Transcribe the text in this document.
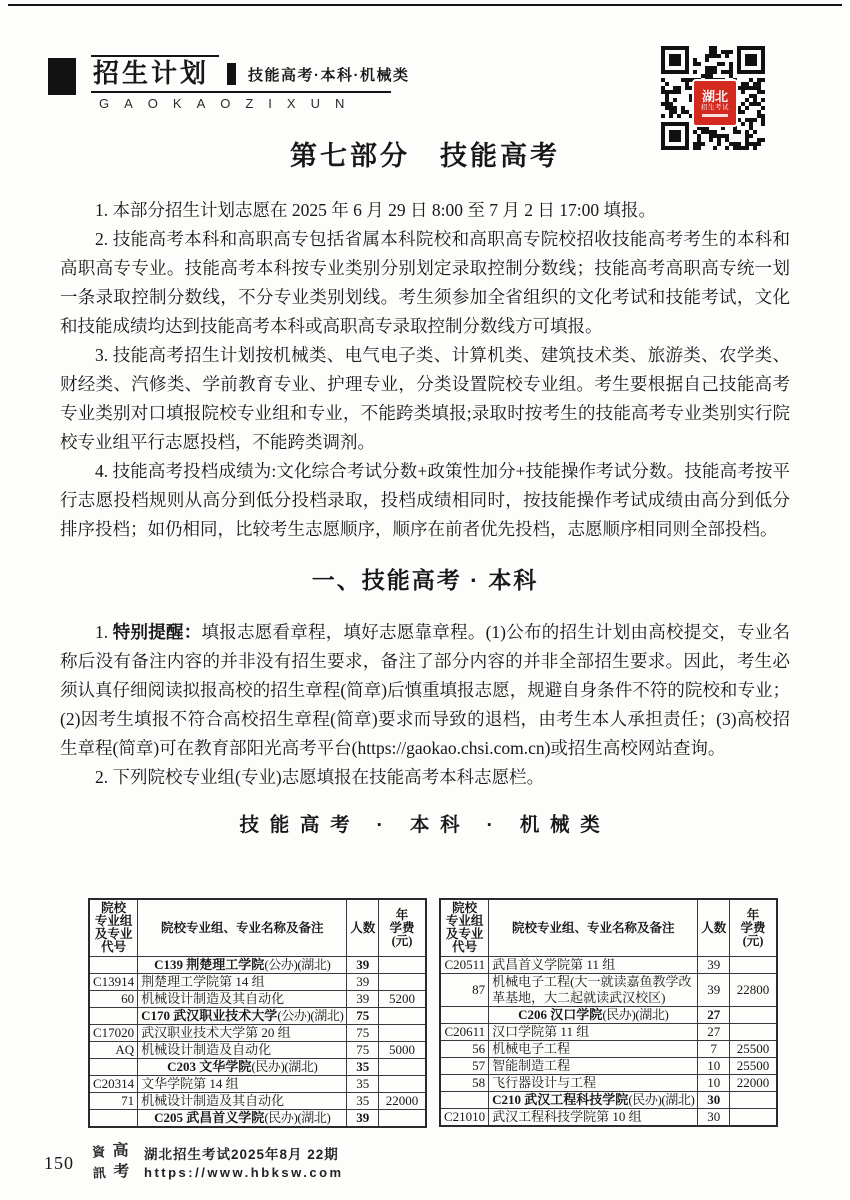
招生计划	技能高考·本科·机械类
GAOKAOZIXUN	湖北
招生考试
第七部分　技能高考

1. 本部分招生计划志愿在 2025 年 6 月 29 日 8:00 至 7 月 2 日 17:00 填报。

2. 技能高考本科和高职高专包括省属本科院校和高职高专院校招收技能高考考生的本科和高职高专专业。技能高考本科按专业类别分别划定录取控制分数线；技能高考高职高专统一划一条录取控制分数线，不分专业类别划线。考生须参加全省组织的文化考试和技能考试，文化和技能成绩均达到技能高考本科或高职高专录取控制分数线方可填报。

3. 技能高考招生计划按机械类、电气电子类、计算机类、建筑技术类、旅游类、农学类、财经类、汽修类、学前教育专业、护理专业，分类设置院校专业组。考生要根据自己技能高考专业类别对口填报院校专业组和专业，不能跨类填报;录取时按考生的技能高考专业类别实行院校专业组平行志愿投档，不能跨类调剂。

4. 技能高考投档成绩为:文化综合考试分数+政策性加分+技能操作考试分数。技能高考按平行志愿投档规则从高分到低分投档录取，投档成绩相同时，按技能操作考试成绩由高分到低分排序投档；如仍相同，比较考生志愿顺序，顺序在前者优先投档，志愿顺序相同则全部投档。

一、技能高考 · 本科

1. 特别提醒：填报志愿看章程，填好志愿靠章程。(1)公布的招生计划由高校提交，专业名称后没有备注内容的并非没有招生要求，备注了部分内容的并非全部招生要求。因此，考生必须认真仔细阅读拟报高校的招生章程(简章)后慎重填报志愿，规避自身条件不符的院校和专业；(2)因考生填报不符合高校招生章程(简章)要求而导致的退档，由考生本人承担责任；(3)高校招生章程(简章)可在教育部阳光高考平台(https://gaokao.chsi.com.cn)或招生高校网站查询。

2. 下列院校专业组(专业)志愿填报在技能高考本科志愿栏。

技能高考 · 本科 · 机械类

院校
专业组
及专业
代号	院校专业组、专业名称及备注	人数	年
学费
(元)
	C139 荆楚理工学院(公办)(湖北)	39	
C13914	荆楚理工学院第 14 组	39	
60	机械设计制造及其自动化	39	5200
	C170 武汉职业技术大学(公办)(湖北)	75	
C17020	武汉职业技术大学第 20 组	75	
AQ	机械设计制造及自动化	75	5000
	C203 文华学院(民办)(湖北)	35	
C20314	文华学院第 14 组	35	
71	机械设计制造及其自动化	35	22000
	C205 武昌首义学院(民办)(湖北)	39	
院校
专业组
及专业
代号	院校专业组、专业名称及备注	人数	年
学费
(元)
C20511	武昌首义学院第 11 组	39	
87	机械电子工程(大一就读嘉鱼教学改革基地，大二起就读武汉校区)	39	22800
	C206 汉口学院(民办)(湖北)	27	
C20611	汉口学院第 11 组	27	
56	机械电子工程	7	25500
57	智能制造工程	10	25500
58	飞行器设计与工程	10	22000
	C210 武汉工程科技学院(民办)(湖北)	30	
C21010	武汉工程科技学院第 10 组	30	
150
資 高
訊 考
湖北招生考试2025年8月 22期
https://www.hbksw.com
